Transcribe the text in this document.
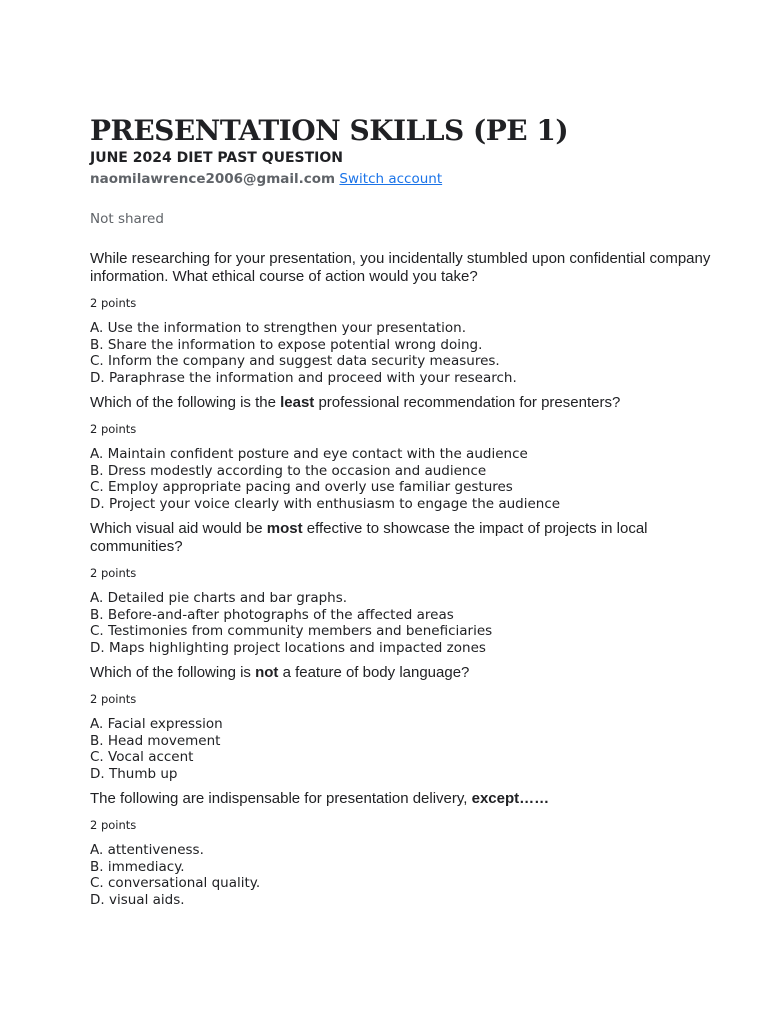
PRESENTATION SKILLS (PE 1)
JUNE 2024 DIET PAST QUESTION
naomilawrence2006@gmail.com Switch account
Not shared

While researching for your presentation, you incidentally stumbled upon confidential company information. What ethical course of action would you take?

2 points
A. Use the information to strengthen your presentation.
B. Share the information to expose potential wrong doing.
C. Inform the company and suggest data security measures.
D. Paraphrase the information and proceed with your research.

Which of the following is the least professional recommendation for presenters?

2 points
A. Maintain confident posture and eye contact with the audience
B. Dress modestly according to the occasion and audience
C. Employ appropriate pacing and overly use familiar gestures
D. Project your voice clearly with enthusiasm to engage the audience

Which visual aid would be most effective to showcase the impact of projects in local communities?

2 points
A. Detailed pie charts and bar graphs.
B. Before-and-after photographs of the affected areas
C. Testimonies from community members and beneficiaries
D. Maps highlighting project locations and impacted zones

Which of the following is not a feature of body language?

2 points
A. Facial expression
B. Head movement
C. Vocal accent
D. Thumb up

The following are indispensable for presentation delivery, except……

2 points
A. attentiveness.
B. immediacy.
C. conversational quality.
D. visual aids.
